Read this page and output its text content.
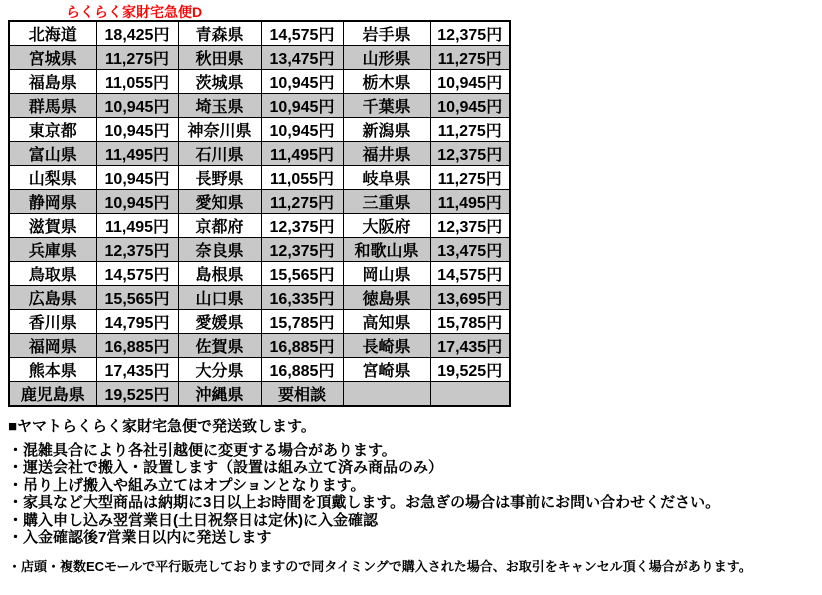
らくらく家財宅急便D
北海道	18,425円	青森県	14,575円	岩手県	12,375円
宮城県	11,275円	秋田県	13,475円	山形県	11,275円
福島県	11,055円	茨城県	10,945円	栃木県	10,945円
群馬県	10,945円	埼玉県	10,945円	千葉県	10,945円
東京都	10,945円	神奈川県	10,945円	新潟県	11,275円
富山県	11,495円	石川県	11,495円	福井県	12,375円
山梨県	10,945円	長野県	11,055円	岐阜県	11,275円
静岡県	10,945円	愛知県	11,275円	三重県	11,495円
滋賀県	11,495円	京都府	12,375円	大阪府	12,375円
兵庫県	12,375円	奈良県	12,375円	和歌山県	13,475円
鳥取県	14,575円	島根県	15,565円	岡山県	14,575円
広島県	15,565円	山口県	16,335円	徳島県	13,695円
香川県	14,795円	愛媛県	15,785円	高知県	15,785円
福岡県	16,885円	佐賀県	16,885円	長崎県	17,435円
熊本県	17,435円	大分県	16,885円	宮崎県	19,525円
鹿児島県	19,525円	沖縄県	要相談		
■ヤマトらくらく家財宅急便で発送致します。
・混雑具合により各社引越便に変更する場合があります。
・運送会社で搬入・設置します（設置は組み立て済み商品のみ）
・吊り上げ搬入や組み立てはオプションとなります。
・家具など大型商品は納期に3日以上お時間を頂戴します。お急ぎの場合は事前にお問い合わせください。
・購入申し込み翌営業日(土日祝祭日は定休)に入金確認
・入金確認後7営業日以内に発送します
・店頭・複数ECモールで平行販売しておりますので同タイミングで購入された場合、お取引をキャンセル頂く場合があります。
